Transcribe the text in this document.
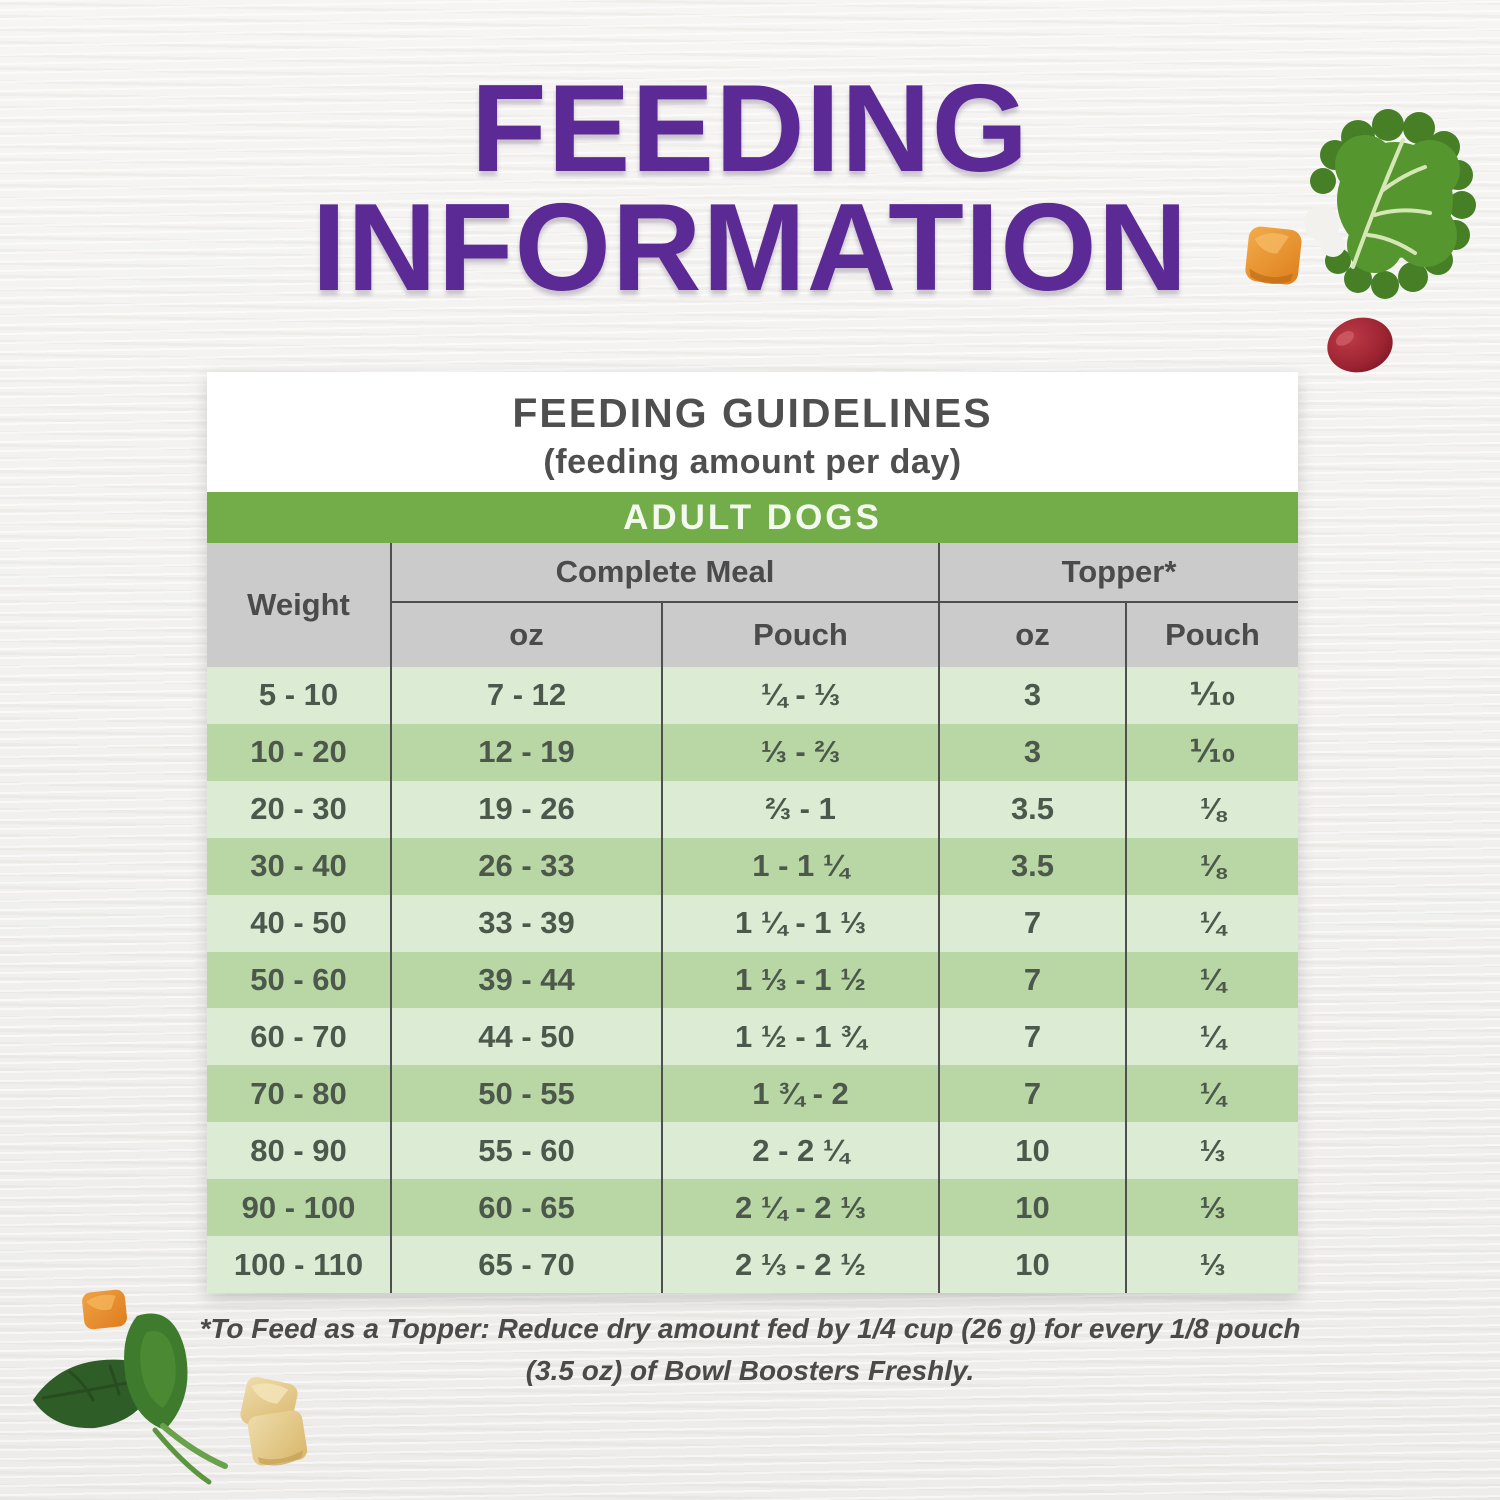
FEEDING
INFORMATION
FEEDING GUIDELINES
(feeding amount per day)
ADULT DOGS
Weight
Complete Meal	Topper*
oz	Pouch	oz	Pouch
5 - 10	7 - 12	¼ - ⅓	3	⅒
10 - 20	12 - 19	⅓ - ⅔	3	⅒
20 - 30	19 - 26	⅔ - 1	3.5	⅛
30 - 40	26 - 33	1 - 1 ¼	3.5	⅛
40 - 50	33 - 39	1 ¼ - 1 ⅓	7	¼
50 - 60	39 - 44	1 ⅓ - 1 ½	7	¼
60 - 70	44 - 50	1 ½ - 1 ¾	7	¼
70 - 80	50 - 55	1 ¾ - 2	7	¼
80 - 90	55 - 60	2 - 2 ¼	10	⅓
90 - 100	60 - 65	2 ¼ - 2 ⅓	10	⅓
100 - 110	65 - 70	2 ⅓ - 2 ½	10	⅓
*To Feed as a Topper: Reduce dry amount fed by 1/4 cup (26 g) for every 1/8 pouch (3.5 oz) of Bowl Boosters Freshly.
